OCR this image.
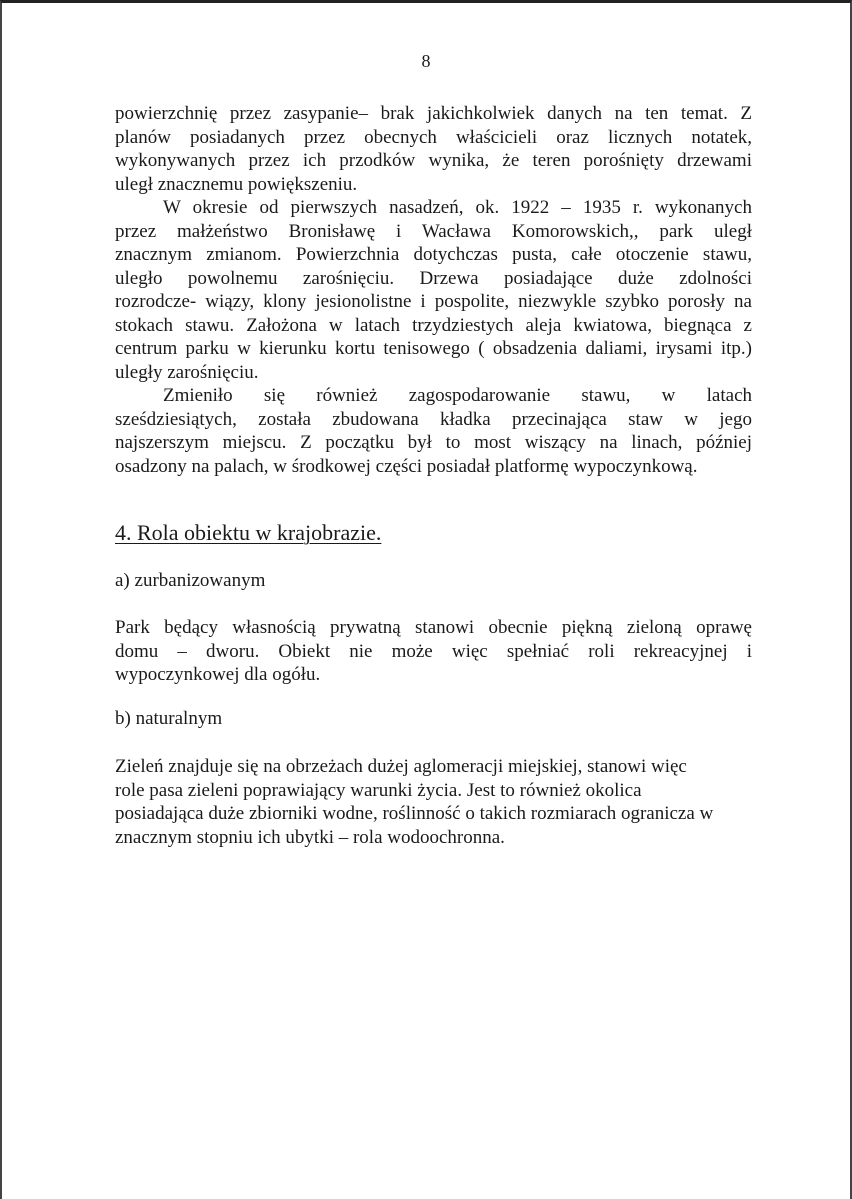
8

powierzchnię przez zasypanie– brak jakichkolwiek danych na ten temat. Z
planów posiadanych przez obecnych właścicieli oraz licznych notatek,
wykonywanych przez ich przodków wynika, że teren porośnięty drzewami
uległ znacznemu powiększeniu.

W okresie od pierwszych nasadzeń, ok. 1922 – 1935 r. wykonanych
przez małżeństwo Bronisławę i Wacława Komorowskich,, park uległ
znacznym zmianom. Powierzchnia dotychczas pusta, całe otoczenie stawu,
uległo powolnemu zarośnięciu. Drzewa posiadające duże zdolności
rozrodcze- wiązy, klony jesionolistne i pospolite, niezwykle szybko porosły na
stokach stawu. Założona w latach trzydziestych aleja kwiatowa, biegnąca z
centrum parku w kierunku kortu tenisowego ( obsadzenia daliami, irysami itp.)
uległy zarośnięciu.

Zmieniło się również zagospodarowanie stawu, w latach
sześdziesiątych, została zbudowana kładka przecinająca staw w jego
najszerszym miejscu. Z początku był to most wiszący na linach, później
osadzony na palach, w środkowej części posiadał platformę wypoczynkową.

4. Rola obiektu w krajobrazie.

a) zurbanizowanym

Park będący własnością prywatną stanowi obecnie piękną zieloną oprawę
domu – dworu. Obiekt nie może więc spełniać roli rekreacyjnej i
wypoczynkowej dla ogółu.

b) naturalnym

Zieleń znajduje się na obrzeżach dużej aglomeracji miejskiej, stanowi więc
role pasa zieleni poprawiający warunki życia. Jest to również okolica
posiadająca duże zbiorniki wodne, roślinność o takich rozmiarach ogranicza w
znacznym stopniu ich ubytki – rola wodoochronna.
